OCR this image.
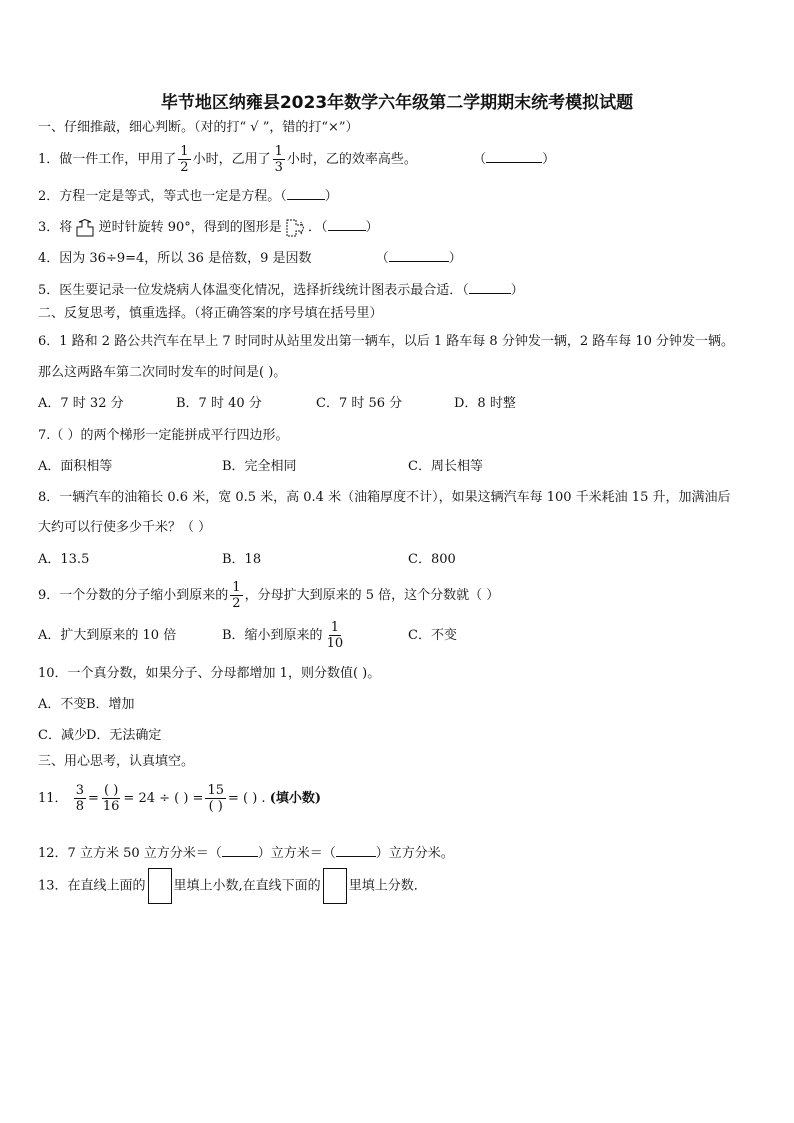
毕节地区纳雍县2023年数学六年级第二学期期末统考模拟试题
一、仔细推敲，细心判断。（对的打“ √ ”，错的打“×”）
1．做一件工作，甲用了 $\frac{1}{2}$ 小时，乙用了 $\frac{1}{3}$ 小时，乙的效率高些。	（	）
2．方程一定是等式，等式也一定是方程。（	）
3．将 逆时针旋转 90°，得到的图形是 ．（	）
4．因为 36÷9=4，所以 36 是倍数，9 是因数	（	）
5．医生要记录一位发烧病人体温变化情况，选择折线统计图表示最合适．（	）
二、反复思考，慎重选择。（将正确答案的序号填在括号里）
6．1 路和 2 路公共汽车在早上 7 时同时从站里发出第一辆车，以后 1 路车每 8 分钟发一辆，2 路车每 10 分钟发一辆。
那么这两路车第二次同时发车的时间是( )。
A．7 时 32 分	B．7 时 40 分	C．7 时 56 分	D．8 时整
7.（ ）的两个梯形一定能拼成平行四边形。
A．面积相等	B．完全相同	C．周长相等
8．一辆汽车的油箱长 0.6 米，宽 0.5 米，高 0.4 米（油箱厚度不计），如果这辆汽车每 100 千米耗油 15 升，加满油后
大约可以行使多少千米？（ ）
A．13.5	B．18	C．800
9．一个分数的分子缩小到原来的 $\frac{1}{2}$ ，分母扩大到原来的 5 倍，这个分数就（ ）
A．扩大到原来的 10 倍	B．缩小到原来的 $\frac{1}{10}$	C．不变
10．一个真分数，如果分子、分母都增加 1，则分数值( )。
A．不变B．增加
C．减少D．无法确定
三、用心思考，认真填空。
11． $\frac{3}{8} = \frac{( )}{16} = 24$ ÷ ( ) = $\frac{15}{( )}$ = ( ) . (填小数)
12．7 立方米 50 立方分米＝（	）立方米＝（	）立方分米。
13．在直线上面的 里填上小数,在直线下面的 里填上分数．
